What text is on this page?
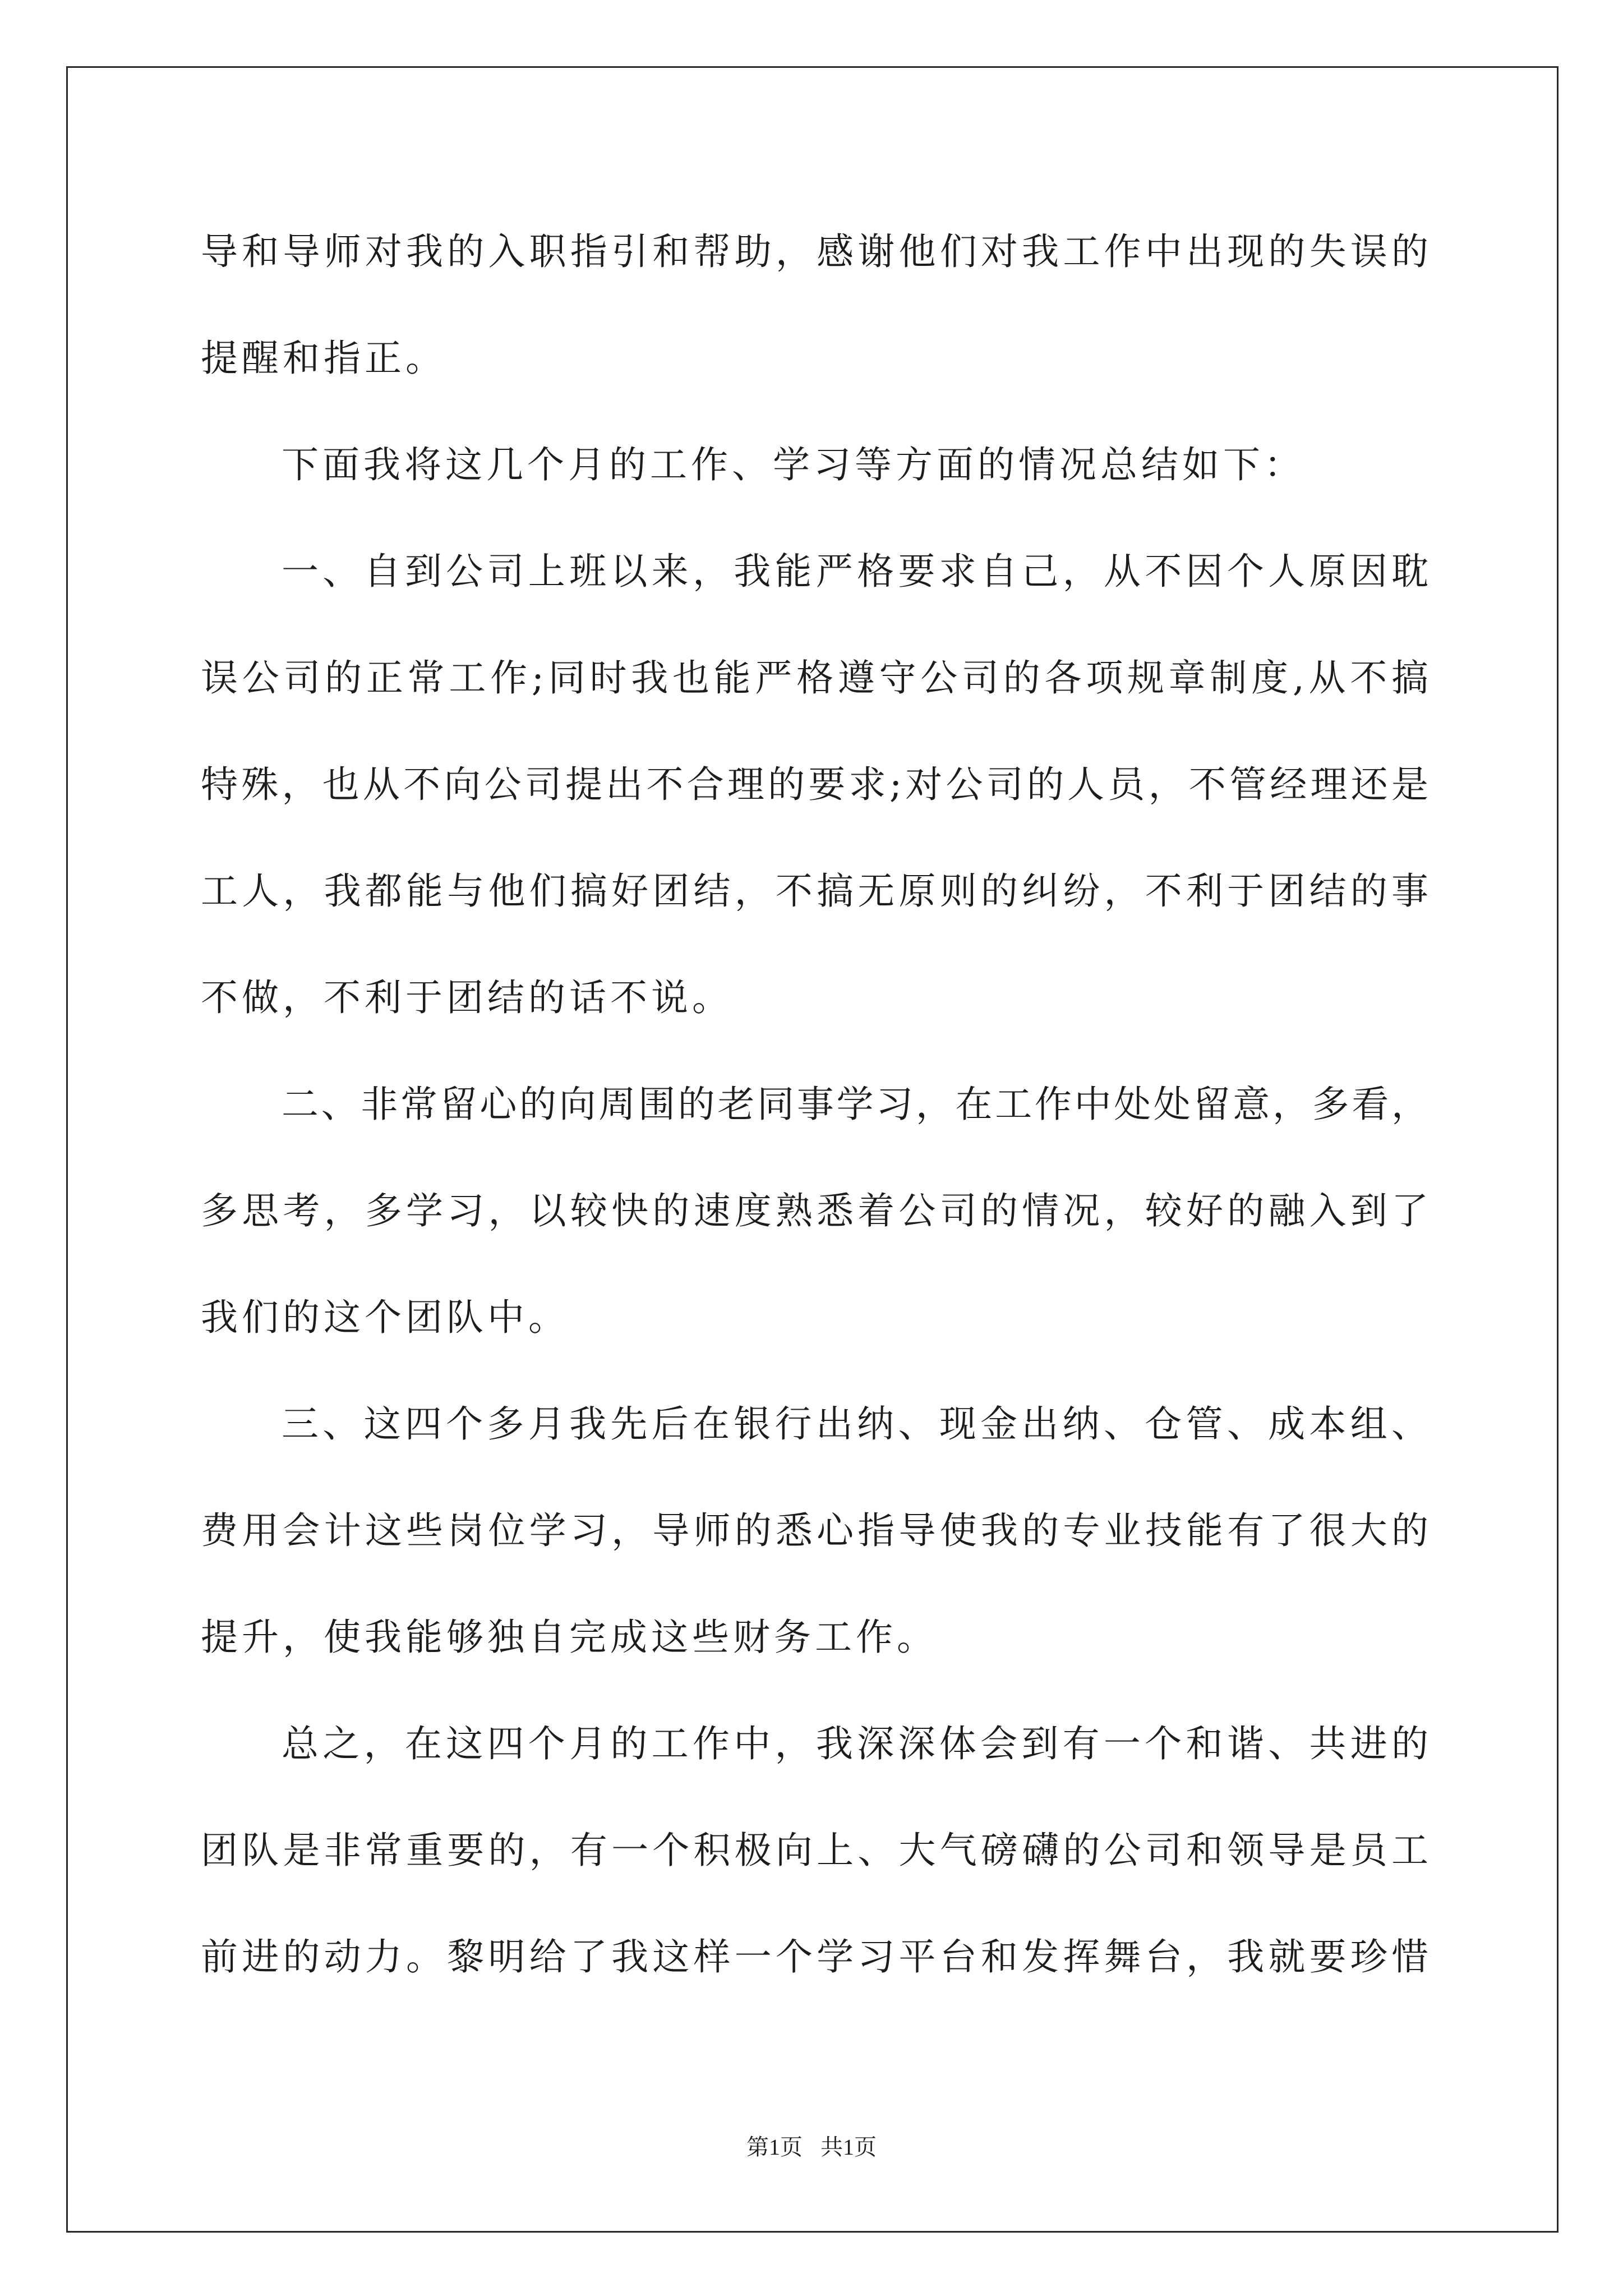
导和导师对我的入职指引和帮助，感谢他们对我工作中出现的失误的
提醒和指正。
下面我将这几个月的工作、学习等方面的情况总结如下：
一、自到公司上班以来，我能严格要求自己，从不因个人原因耽
误公司的正常工作;同时我也能严格遵守公司的各项规章制度,从不搞
特殊，也从不向公司提出不合理的要求;对公司的人员，不管经理还是
工人，我都能与他们搞好团结，不搞无原则的纠纷，不利于团结的事
不做，不利于团结的话不说。
二、非常留心的向周围的老同事学习，在工作中处处留意，多看，
多思考，多学习，以较快的速度熟悉着公司的情况，较好的融入到了
我们的这个团队中。
三、这四个多月我先后在银行出纳、现金出纳、仓管、成本组、
费用会计这些岗位学习，导师的悉心指导使我的专业技能有了很大的
提升，使我能够独自完成这些财务工作。
总之，在这四个月的工作中，我深深体会到有一个和谐、共进的
团队是非常重要的，有一个积极向上、大气磅礴的公司和领导是员工
前进的动力。黎明给了我这样一个学习平台和发挥舞台，我就要珍惜
第1页 共1页
